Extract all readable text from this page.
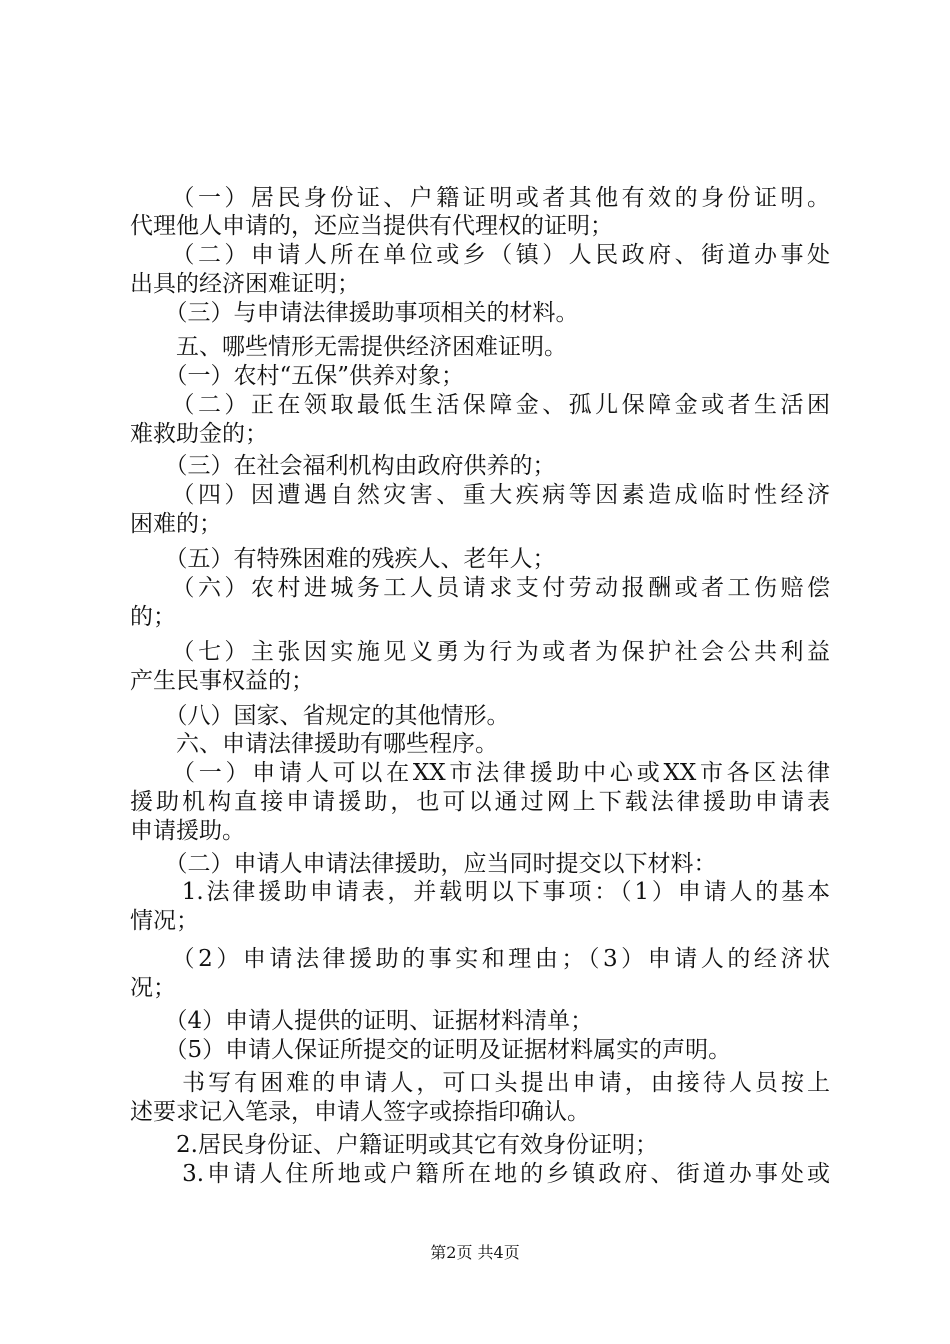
　　（一）居民身份证、户籍证明或者其他有效的身份证明。
代理他人申请的，还应当提供有代理权的证明；
　　（二）申请人所在单位或乡（镇）人民政府、街道办事处
出具的经济困难证明；
　　（三）与申请法律援助事项相关的材料。
　　五、哪些情形无需提供经济困难证明。
　　（一）农村“五保”供养对象；
　　（二）正在领取最低生活保障金、孤儿保障金或者生活困
难救助金的；
　　（三）在社会福利机构由政府供养的；
　　（四）因遭遇自然灾害、重大疾病等因素造成临时性经济
困难的；
　　（五）有特殊困难的残疾人、老年人；
　　（六）农村进城务工人员请求支付劳动报酬或者工伤赔偿
的；
　　（七）主张因实施见义勇为行为或者为保护社会公共利益
产生民事权益的；
　　（八）国家、省规定的其他情形。
　　六、申请法律援助有哪些程序。
　　（一）申请人可以在XX市法律援助中心或XX市各区法律
援助机构直接申请援助，也可以通过网上下载法律援助申请表
申请援助。
　　（二）申请人申请法律援助，应当同时提交以下材料：
　　1.法律援助申请表，并载明以下事项：（1）申请人的基本
情况；
　　（2）申请法律援助的事实和理由；（3）申请人的经济状
况；
　　（4）申请人提供的证明、证据材料清单；
　　（5）申请人保证所提交的证明及证据材料属实的声明。
　　书写有困难的申请人，可口头提出申请，由接待人员按上
述要求记入笔录，申请人签字或捺指印确认。
　　2.居民身份证、户籍证明或其它有效身份证明；
　　3.申请人住所地或户籍所在地的乡镇政府、街道办事处或
第2页 共4页
